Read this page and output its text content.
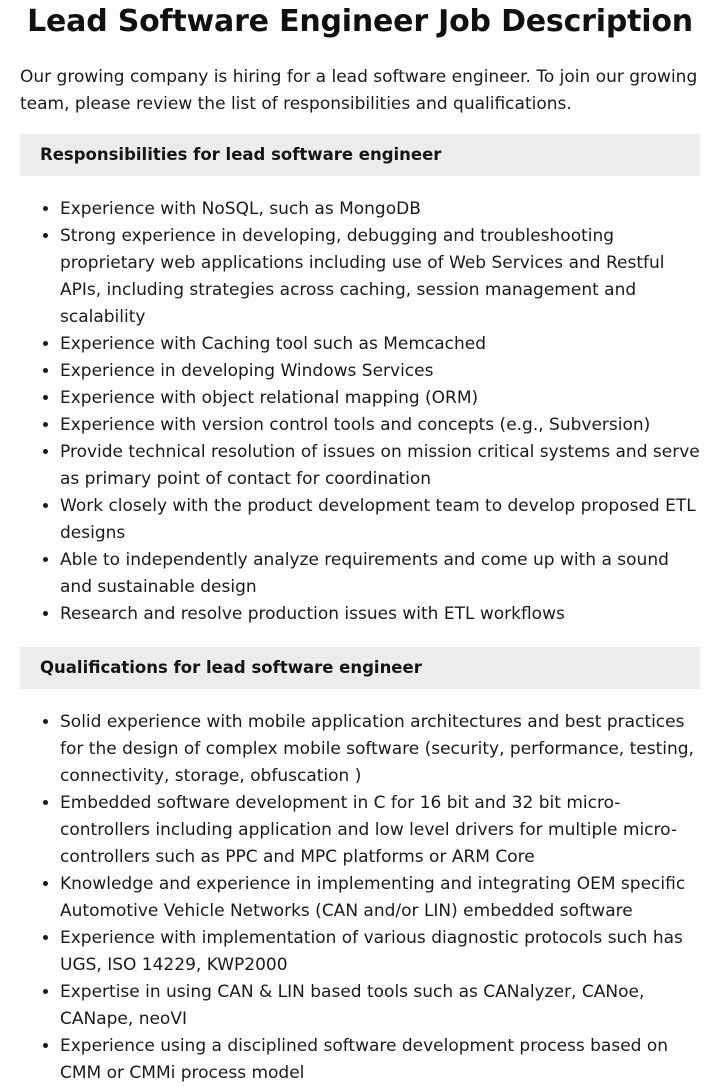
Lead Software Engineer Job Description

Our growing company is hiring for a lead software engineer. To join our growing team, please review the list of responsibilities and qualifications.

Responsibilities for lead software engineer
• Experience with NoSQL, such as MongoDB
• Strong experience in developing, debugging and troubleshooting proprietary web applications including use of Web Services and Restful APIs, including strategies across caching, session management and scalability
• Experience with Caching tool such as Memcached
• Experience in developing Windows Services
• Experience with object relational mapping (ORM)
• Experience with version control tools and concepts (e.g., Subversion)
• Provide technical resolution of issues on mission critical systems and serve as primary point of contact for coordination
• Work closely with the product development team to develop proposed ETL designs
• Able to independently analyze requirements and come up with a sound and sustainable design
• Research and resolve production issues with ETL workflows
Qualifications for lead software engineer
• Solid experience with mobile application architectures and best practices for the design of complex mobile software (security, performance, testing, connectivity, storage, obfuscation )
• Embedded software development in C for 16 bit and 32 bit micro-controllers including application and low level drivers for multiple micro-controllers such as PPC and MPC platforms or ARM Core
• Knowledge and experience in implementing and integrating OEM specific Automotive Vehicle Networks (CAN and/or LIN) embedded software
• Experience with implementation of various diagnostic protocols such has UGS, ISO 14229, KWP2000
• Expertise in using CAN & LIN based tools such as CANalyzer, CANoe, CANape, neoVI
• Experience using a disciplined software development process based on CMM or CMMi process model
